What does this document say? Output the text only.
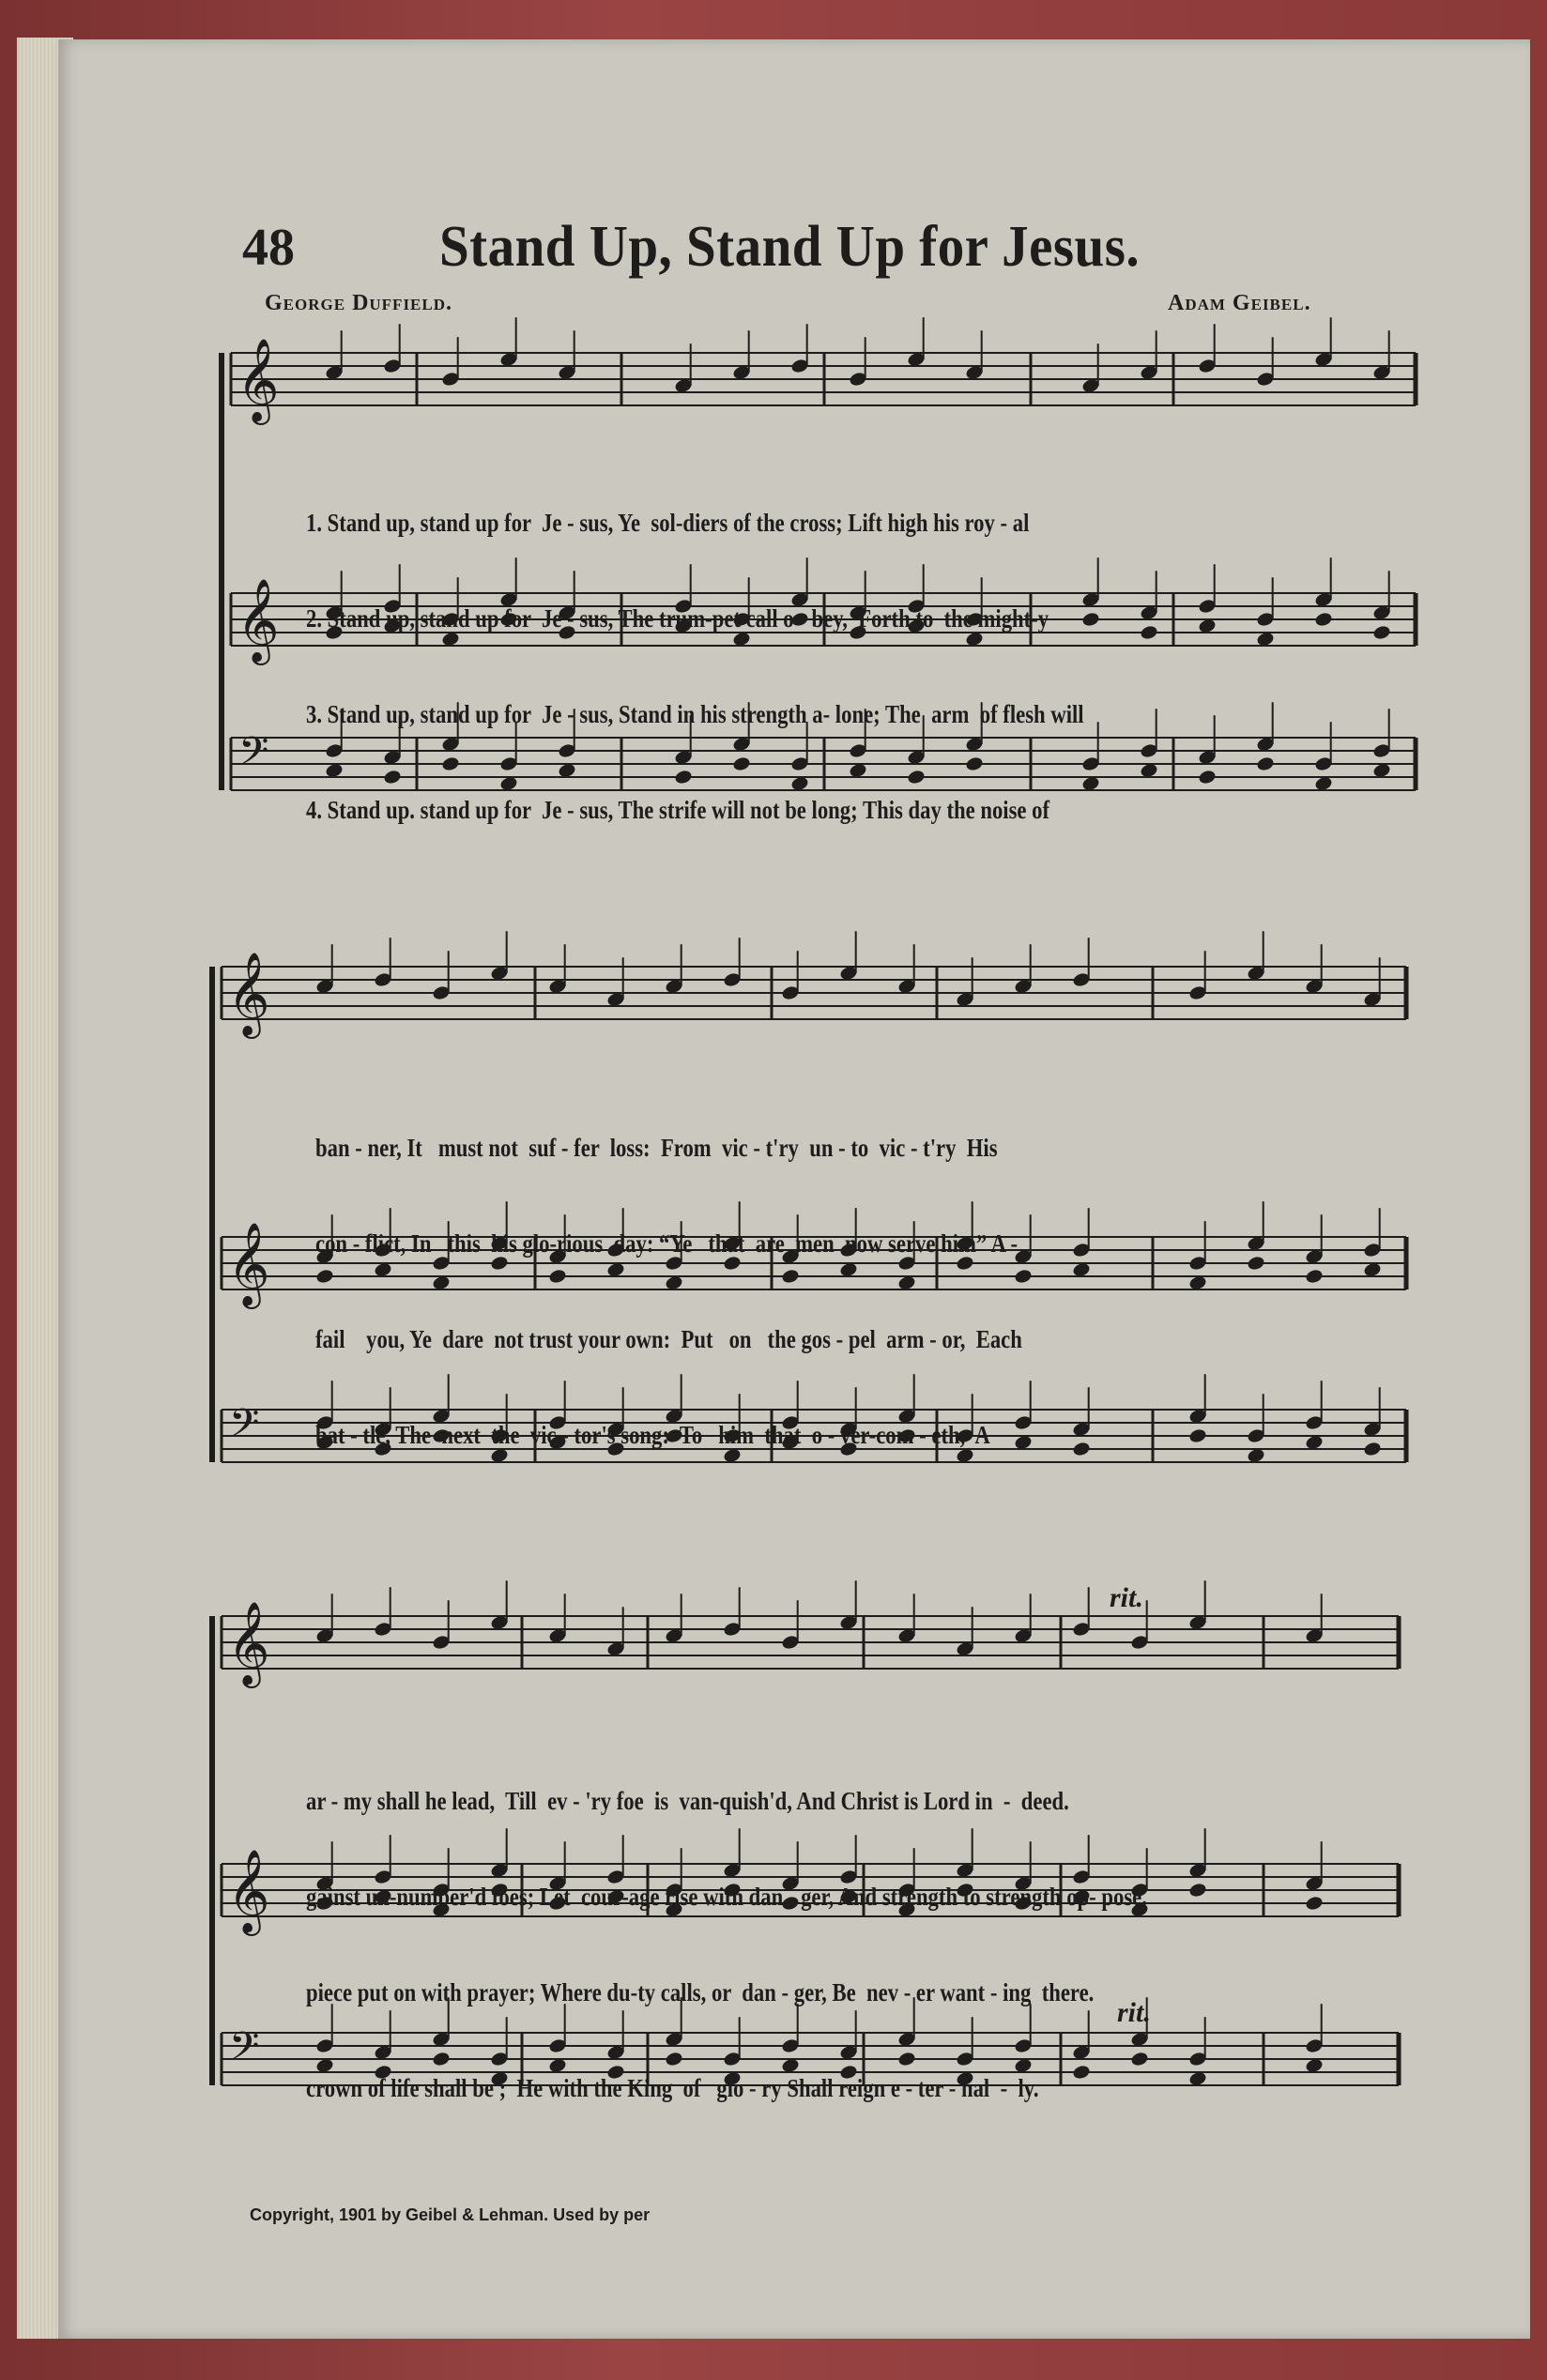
48 Stand Up, Stand Up for Jesus.
George Duffield.	Adam Geibel.
𝄞
𝄞
𝄢
𝄞
𝄞
𝄢
𝄞
𝄞
𝄢

1. Stand up, stand up for  Je - sus, Ye  sol-diers of the cross; Lift high his roy - al

2. Stand up, stand up for  Je - sus, The trum-pet call o - bey,  Forth to  the might-y

3. Stand up, stand up for  Je - sus, Stand in his strength a- lone; The  arm  of flesh will

4. Stand up. stand up for  Je - sus, The strife will not be long; This day the noise of

ban - ner, It   must not  suf - fer  loss:  From  vic - t'ry  un - to  vic - t'ry  His

con - flict, In   this  his glo-rious  day: “Ye   that  are  men  now serve him” A -

fail    you, Ye  dare  not trust your own:  Put   on   the gos - pel  arm - or,  Each

bat - tle, The  next  the  vic - tor's song:  To   him  that  o - ver-com - eth,  A

ar - my shall he lead,  Till  ev - 'ry foe  is  van-quish'd, And Christ is Lord in  -  deed.

gainst un-number'd foes; Let  cour-age rise with dan - ger, And strength to strength op- pose.

piece put on with prayer; Where du-ty calls, or  dan - ger, Be  nev - er want - ing  there.

crown of life shall be ;  He with the King  of   glo - ry Shall reign e - ter - nal  -  ly.

rit.
rit.
Copyright, 1901 by Geibel & Lehman. Used by per
